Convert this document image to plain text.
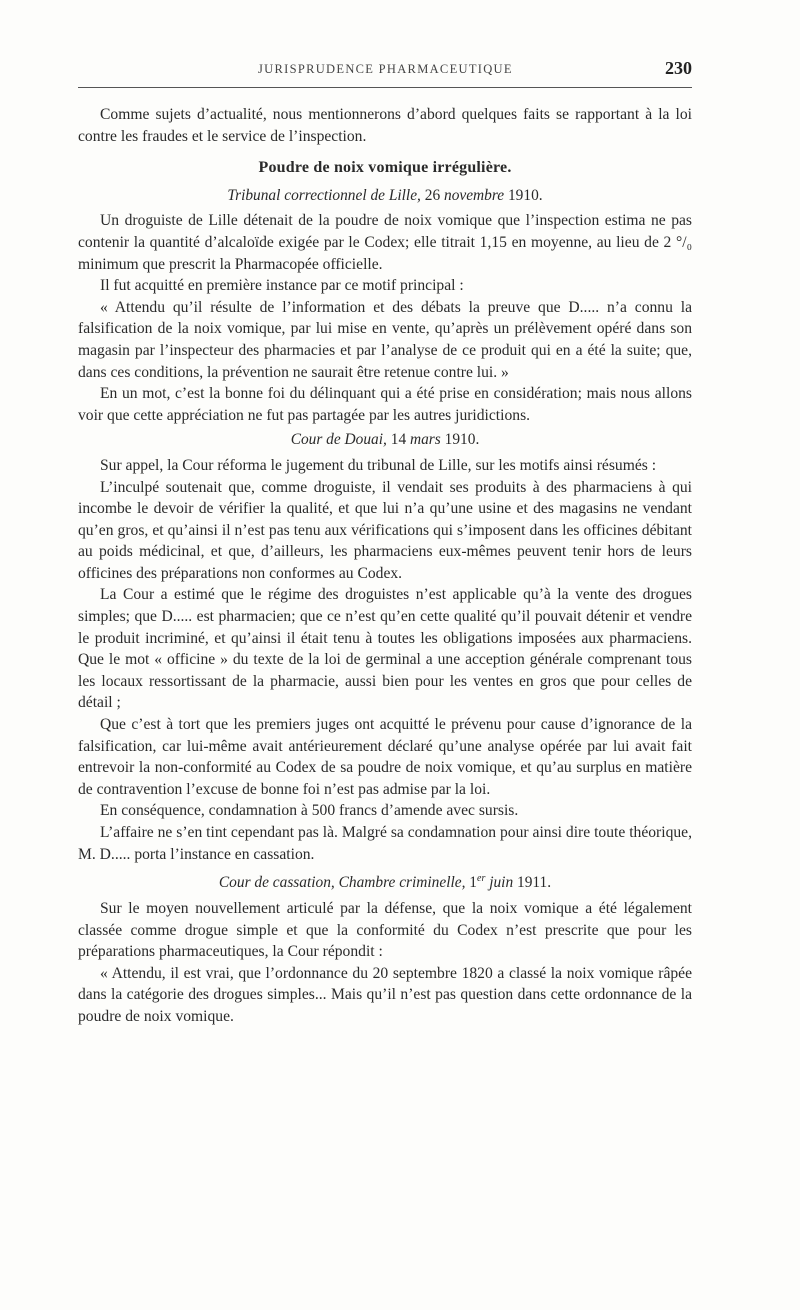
JURISPRUDENCE PHARMACEUTIQUE	230

Comme sujets d’actualité, nous mentionnerons d’abord quelques faits se rapportant à la loi contre les fraudes et le service de l’inspection.

Poudre de noix vomique irrégulière.
Tribunal correctionnel de Lille, 26 novembre 1910.

Un droguiste de Lille détenait de la poudre de noix vomique que l’inspection estima ne pas contenir la quantité d’alcaloïde exigée par le Codex; elle titrait 1,15 en moyenne, au lieu de 2 °/₀ minimum que prescrit la Pharmacopée officielle.

Il fut acquitté en première instance par ce motif principal :

« Attendu qu’il résulte de l’information et des débats la preuve que D..... n’a connu la falsification de la noix vomique, par lui mise en vente, qu’après un prélèvement opéré dans son magasin par l’inspecteur des pharmacies et par l’analyse de ce produit qui en a été la suite; que, dans ces conditions, la prévention ne saurait être retenue contre lui. »

En un mot, c’est la bonne foi du délinquant qui a été prise en considération; mais nous allons voir que cette appréciation ne fut pas partagée par les autres juridictions.

Cour de Douai, 14 mars 1910.

Sur appel, la Cour réforma le jugement du tribunal de Lille, sur les motifs ainsi résumés :

L’inculpé soutenait que, comme droguiste, il vendait ses produits à des pharmaciens à qui incombe le devoir de vérifier la qualité, et que lui n’a qu’une usine et des magasins ne vendant qu’en gros, et qu’ainsi il n’est pas tenu aux vérifications qui s’imposent dans les officines débitant au poids médicinal, et que, d’ailleurs, les pharmaciens eux-mêmes peuvent tenir hors de leurs officines des préparations non conformes au Codex.

La Cour a estimé que le régime des droguistes n’est applicable qu’à la vente des drogues simples; que D..... est pharmacien; que ce n’est qu’en cette qualité qu’il pouvait détenir et vendre le produit incriminé, et qu’ainsi il était tenu à toutes les obligations imposées aux pharmaciens. Que le mot « officine » du texte de la loi de germinal a une acception générale comprenant tous les locaux ressortissant de la pharmacie, aussi bien pour les ventes en gros que pour celles de détail ;

Que c’est à tort que les premiers juges ont acquitté le prévenu pour cause d’ignorance de la falsification, car lui-même avait antérieurement déclaré qu’une analyse opérée par lui avait fait entrevoir la non-conformité au Codex de sa poudre de noix vomique, et qu’au surplus en matière de contravention l’excuse de bonne foi n’est pas admise par la loi.

En conséquence, condamnation à 500 francs d’amende avec sursis.

L’affaire ne s’en tint cependant pas là. Malgré sa condamnation pour ainsi dire toute théorique, M. D..... porta l’instance en cassation.

Cour de cassation, Chambre criminelle, 1er juin 1911.

Sur le moyen nouvellement articulé par la défense, que la noix vomique a été légalement classée comme drogue simple et que la conformité du Codex n’est prescrite que pour les préparations pharmaceutiques, la Cour répondit :

« Attendu, il est vrai, que l’ordonnance du 20 septembre 1820 a classé la noix vomique râpée dans la catégorie des drogues simples... Mais qu’il n’est pas question dans cette ordonnance de la poudre de noix vomique.
